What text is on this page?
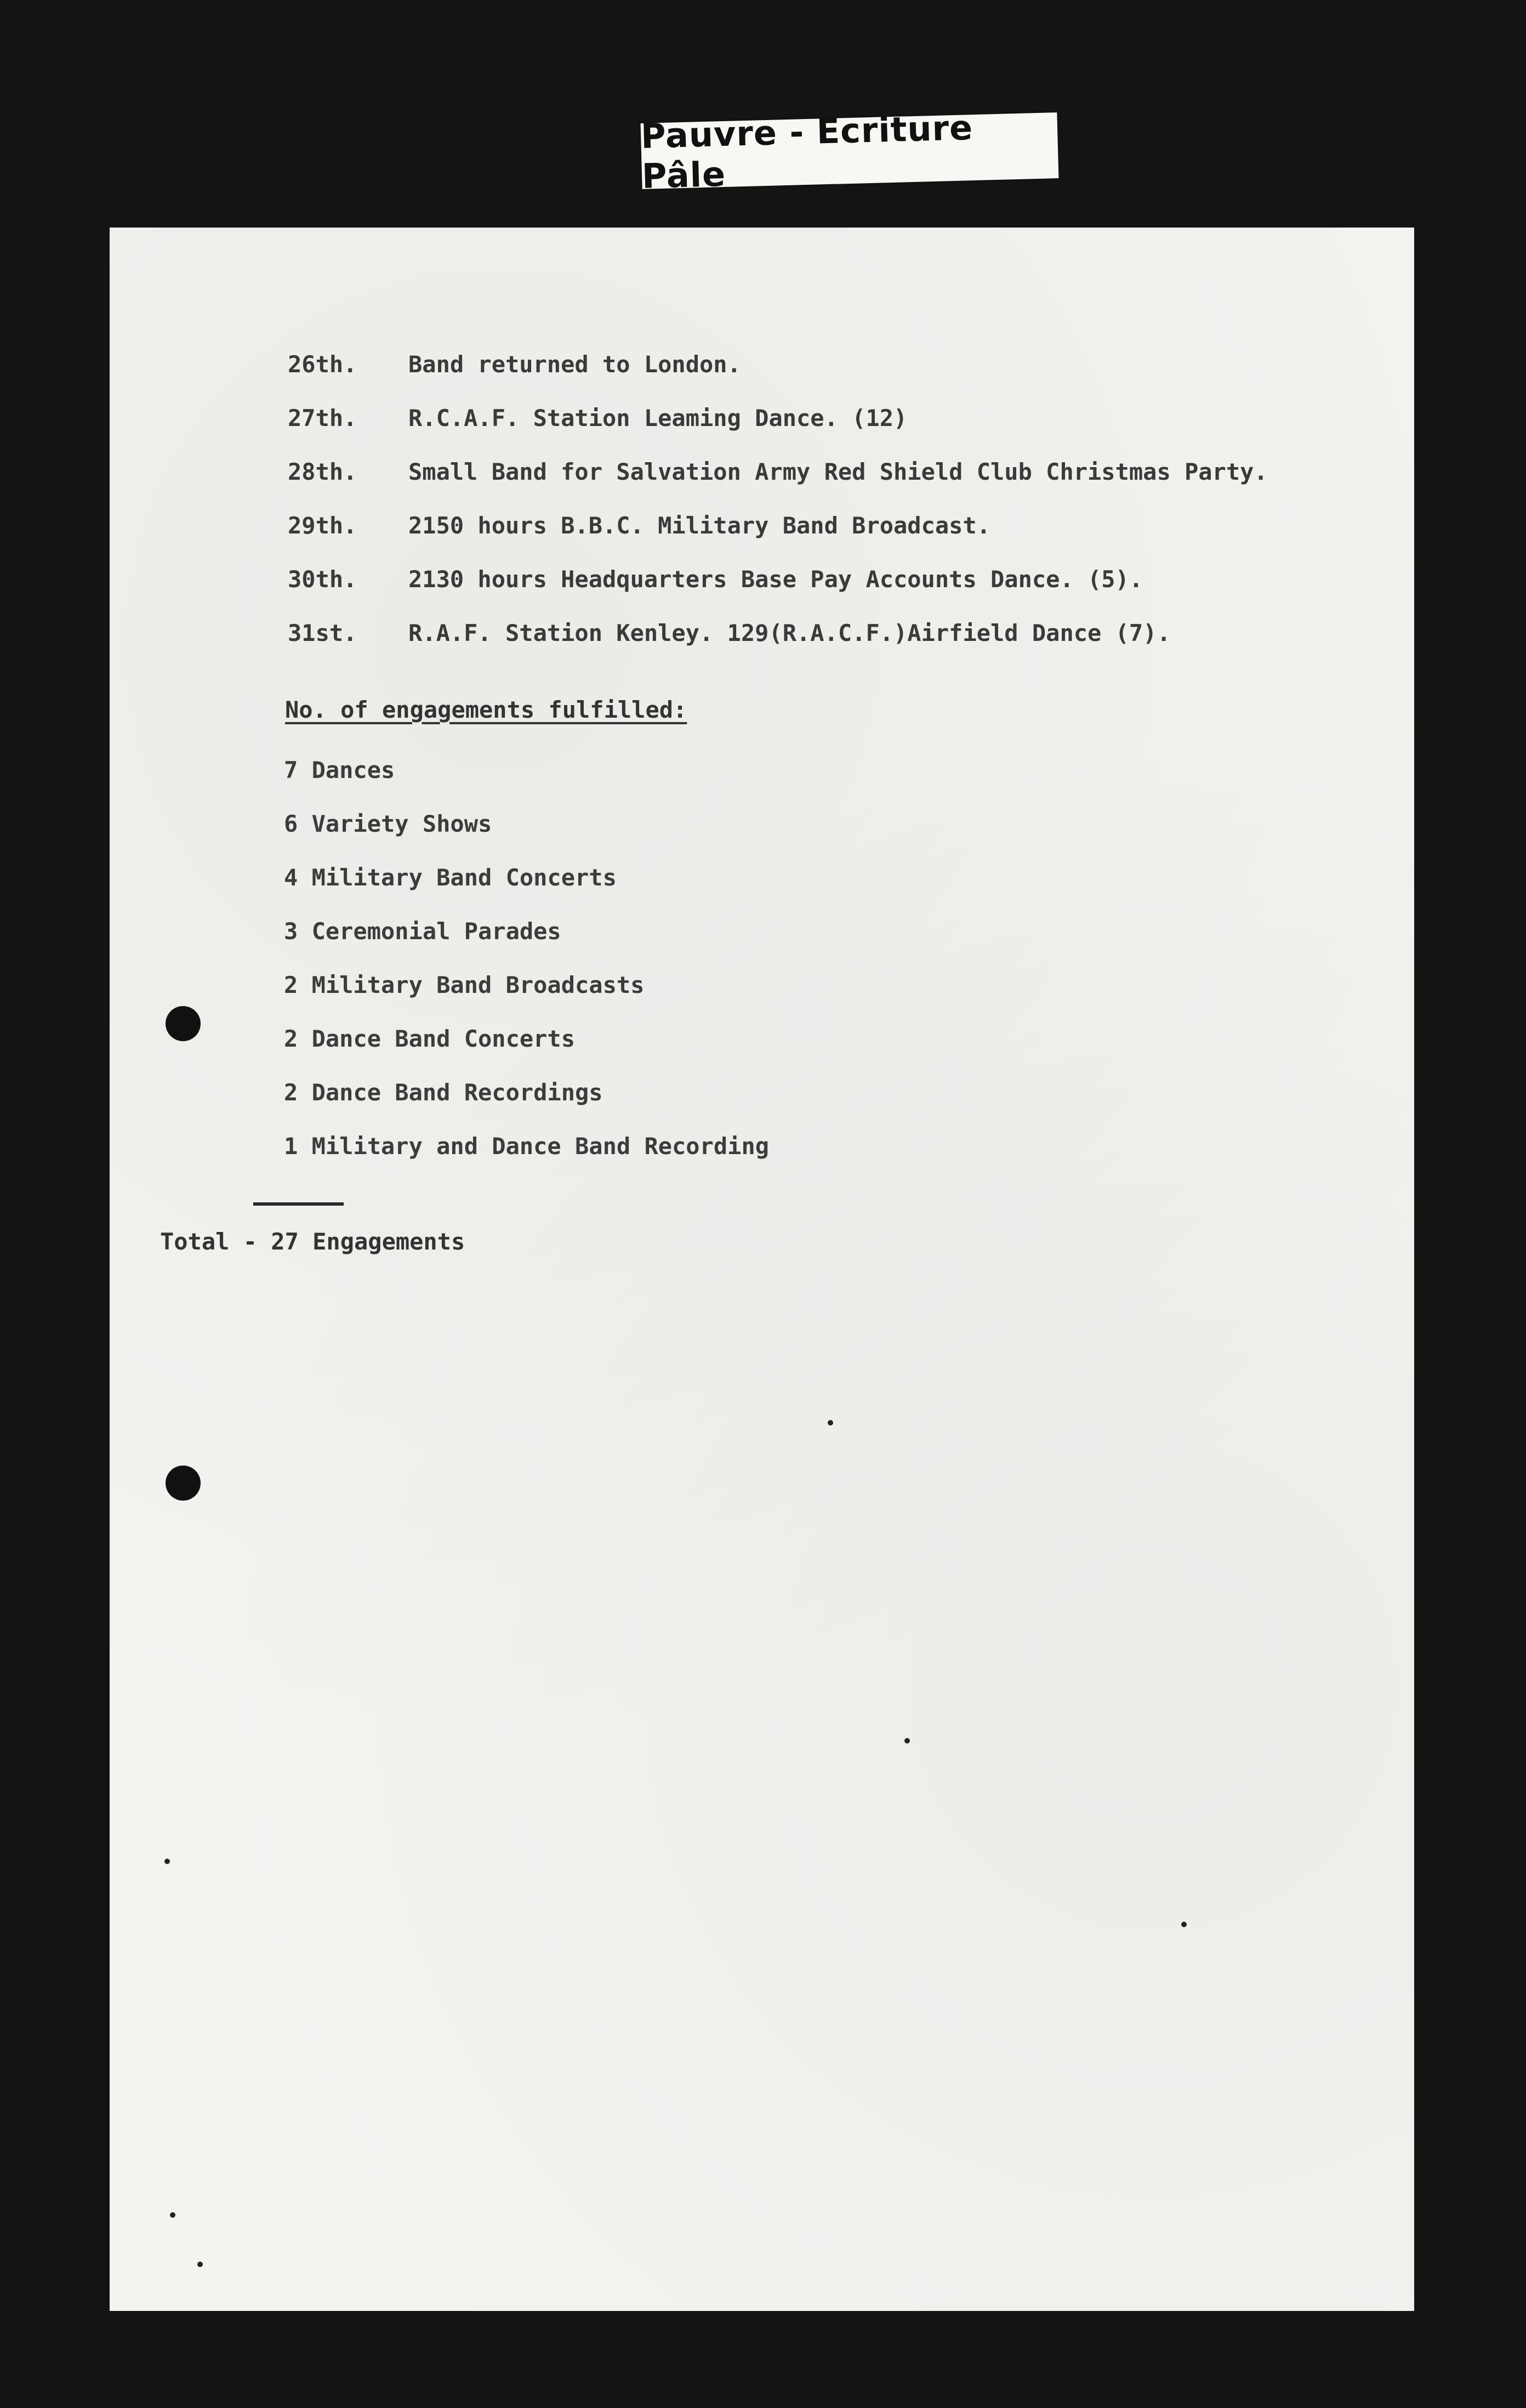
Pauvre - Ecriture Pâle
26th.	Band returned to London.
27th.	R.C.A.F. Station Leaming Dance. (12)
28th.	Small Band for Salvation Army Red Shield Club Christmas Party.
29th.	2150 hours B.B.C. Military Band Broadcast.
30th.	2130 hours Headquarters Base Pay Accounts Dance. (5).
31st.	R.A.F. Station Kenley. 129(R.A.C.F.)Airfield Dance (7).
No. of engagements fulfilled:
7 Dances
6 Variety Shows
4 Military Band Concerts
3 Ceremonial Parades
2 Military Band Broadcasts
2 Dance Band Concerts
2 Dance Band Recordings
1 Military and Dance Band Recording
Total - 27 Engagements
